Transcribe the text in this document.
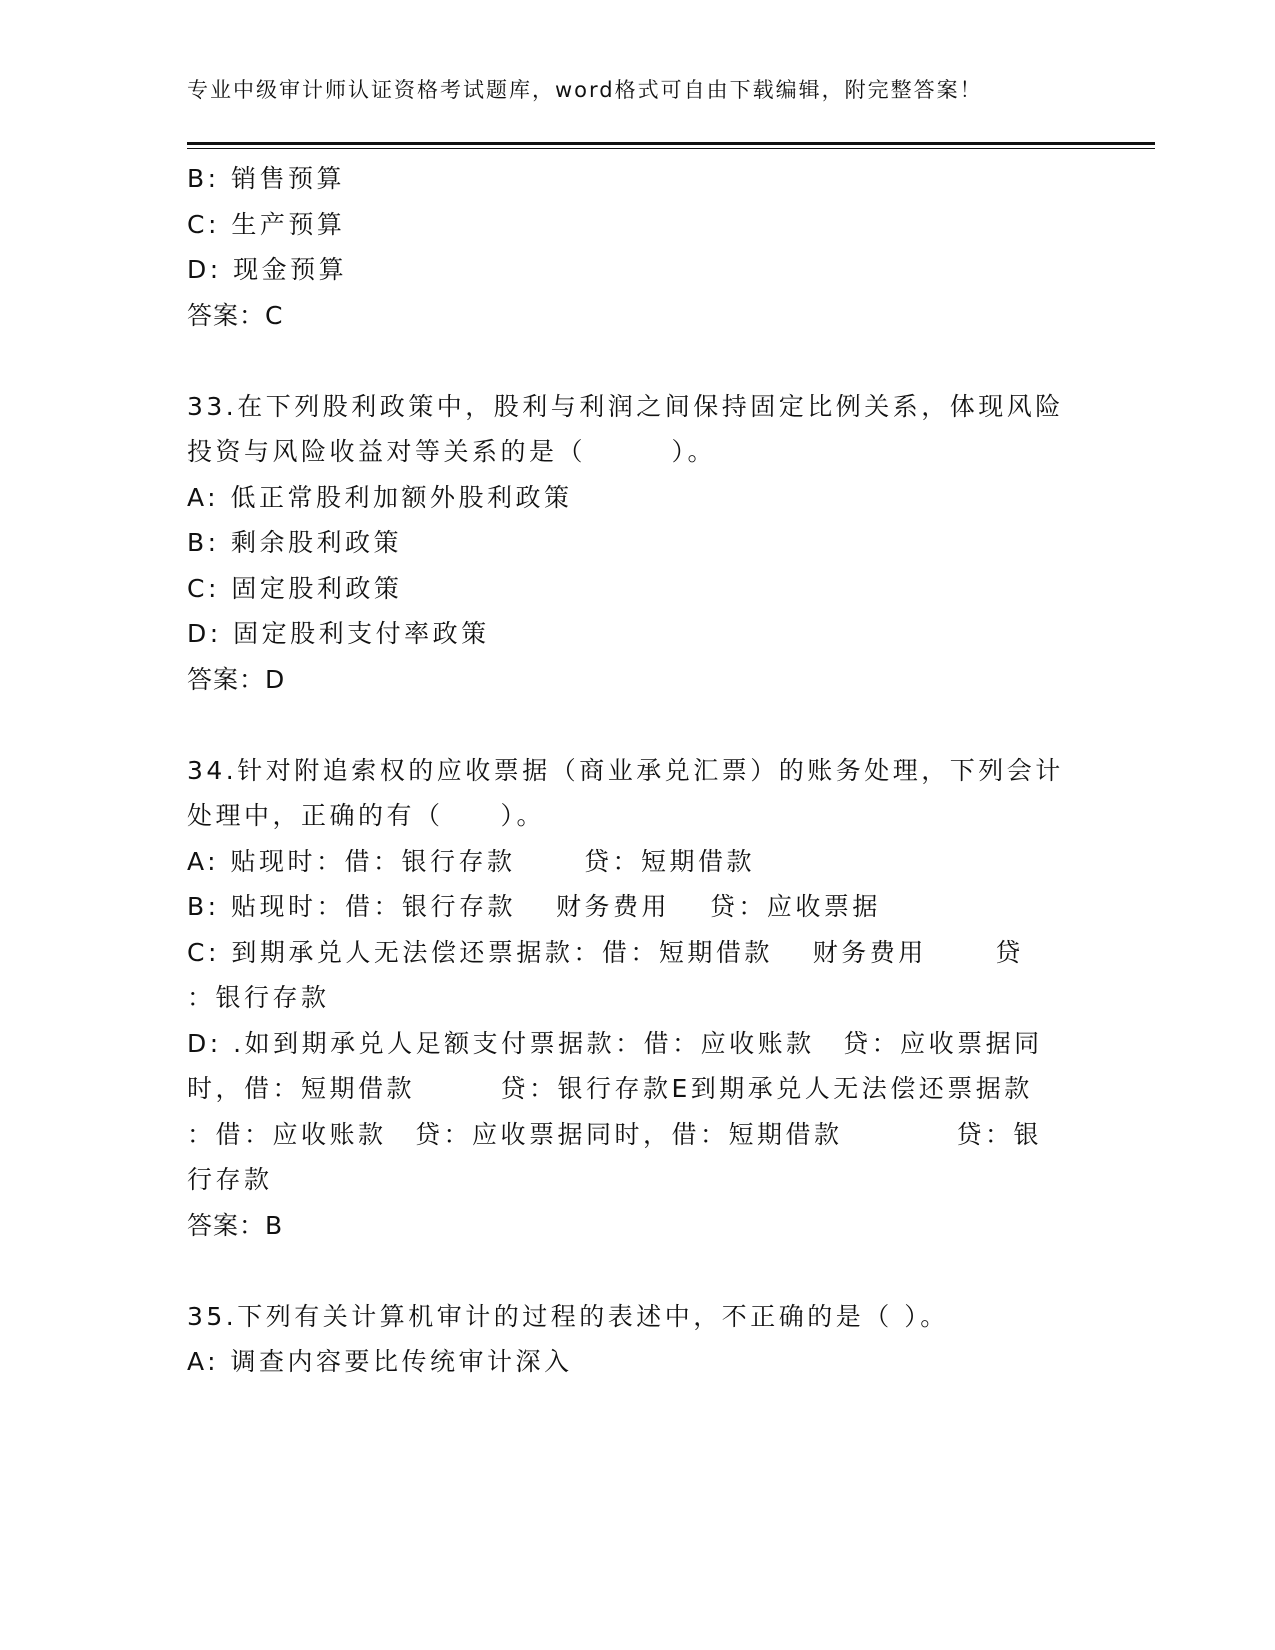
专业中级审计师认证资格考试题库，word格式可自由下载编辑，附完整答案！
B: 销售预算
C: 生产预算
D: 现金预算
答案：C
33.在下列股利政策中，股利与利润之间保持固定比例关系，体现风险
投资与风险收益对等关系的是（　　　）。
A: 低正常股利加额外股利政策
B: 剩余股利政策
C: 固定股利政策
D: 固定股利支付率政策
答案：D
34.针对附追索权的应收票据（商业承兑汇票）的账务处理，下列会计
处理中，正确的有（　　）。
A: 贴现时：借：银行存款　　 贷：短期借款
B: 贴现时：借：银行存款　 财务费用　 贷：应收票据
C: 到期承兑人无法偿还票据款：借：短期借款　 财务费用　　 贷
：银行存款
D: .如到期承兑人足额支付票据款：借：应收账款　贷：应收票据同
时，借：短期借款　　　贷：银行存款E到期承兑人无法偿还票据款
：借：应收账款　贷：应收票据同时，借：短期借款　　　　贷：银
行存款
答案：B
35.下列有关计算机审计的过程的表述中，不正确的是（ ）。
A: 调查内容要比传统审计深入
